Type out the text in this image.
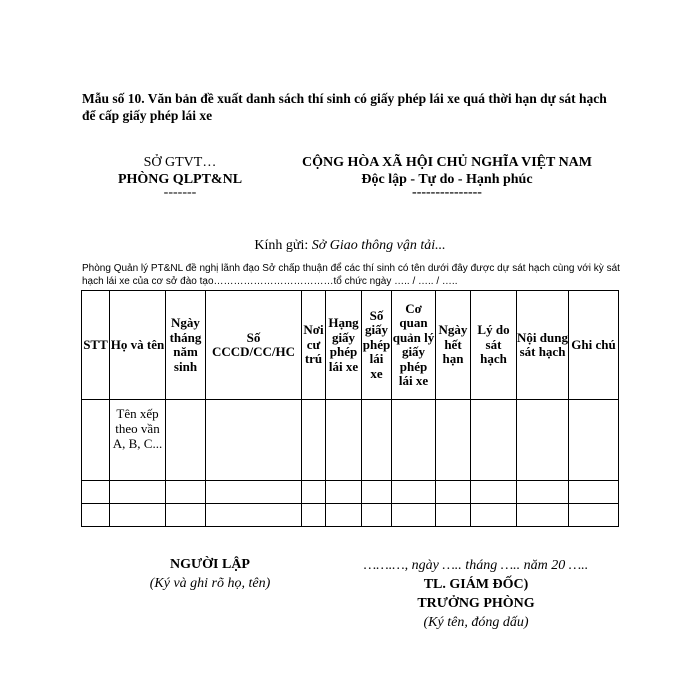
Mẫu số 10. Văn bản đề xuất danh sách thí sinh có giấy phép lái xe quá thời hạn dự sát hạch để cấp giấy phép lái xe
SỞ GTVT…
PHÒNG QLPT&NL
-------
CỘNG HÒA XÃ HỘI CHỦ NGHĨA VIỆT NAM
Độc lập - Tự do - Hạnh phúc
---------------
Kính gửi: Sở Giao thông vận tải...
Phòng Quản lý PT&NL đề nghị lãnh đạo Sở chấp thuận để các thí sinh có tên dưới đây được dự sát hạch cùng với kỳ sát hạch lái xe của cơ sở đào tạo………………………………tổ chức ngày ….. / ….. / …..
STT	Họ và tên	Ngày tháng năm sinh	Số CCCD/CC/HC	Nơi cư trú	Hạng giấy phép lái xe	Số giấy phép lái xe	Cơ quan quản lý giấy phép lái xe	Ngày hết hạn	Lý do sát hạch	Nội dung sát hạch	Ghi chú
	Tên xếp theo vần A, B, C...										

NGƯỜI LẬP
(Ký và ghi rõ họ, tên)
…….…, ngày ….. tháng ….. năm 20 …..
TL. GIÁM ĐỐC)
TRƯỞNG PHÒNG
(Ký tên, đóng dấu)
